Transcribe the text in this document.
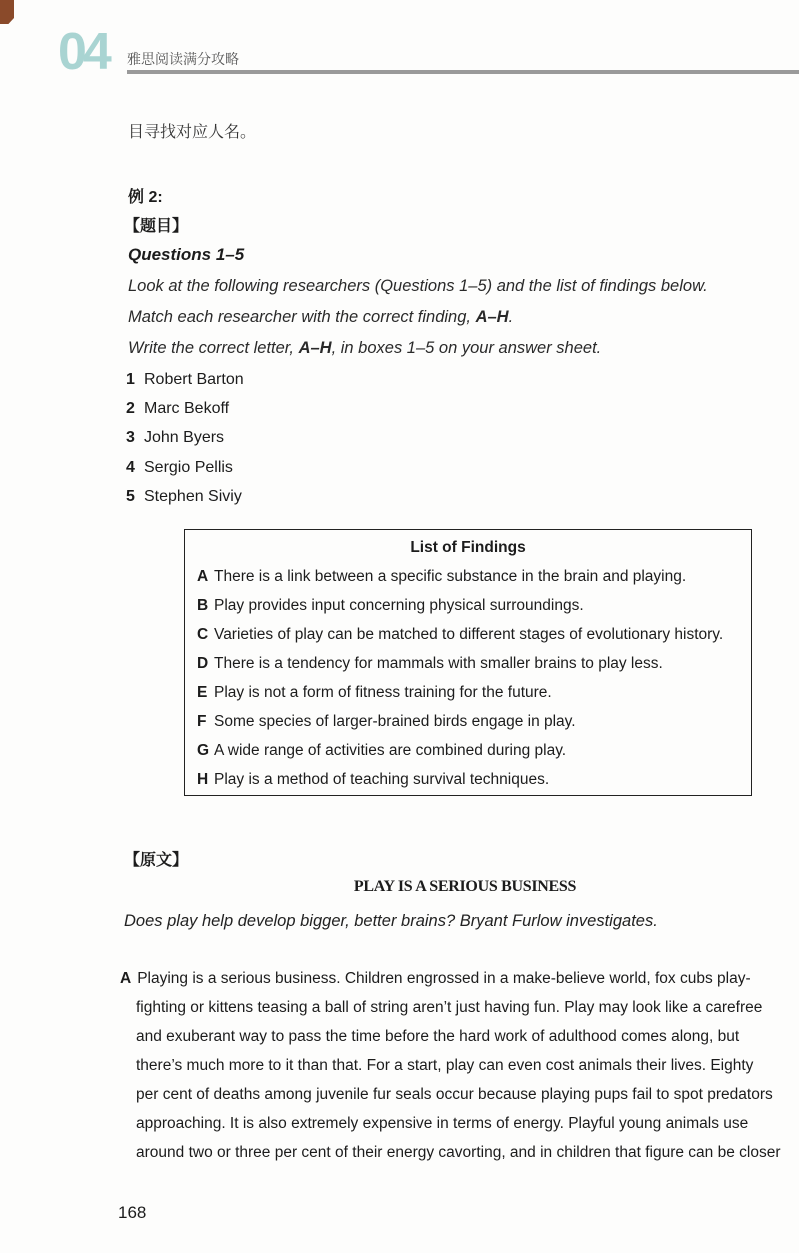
04 雅思阅读满分攻略
目寻找对应人名。
例 2:
【题目】
Questions 1–5
Look at the following researchers (Questions 1–5) and the list of findings below.
Match each researcher with the correct finding, A–H.
Write the correct letter, A–H, in boxes 1–5 on your answer sheet.
1 Robert Barton
2 Marc Bekoff
3 John Byers
4 Sergio Pellis
5 Stephen Siviy
List of Findings
A There is a link between a specific substance in the brain and playing.
B Play provides input concerning physical surroundings.
C Varieties of play can be matched to different stages of evolutionary history.
D There is a tendency for mammals with smaller brains to play less.
E Play is not a form of fitness training for the future.
F Some species of larger-brained birds engage in play.
G A wide range of activities are combined during play.
H Play is a method of teaching survival techniques.
【原文】
PLAY IS A SERIOUS BUSINESS
Does play help develop bigger, better brains? Bryant Furlow investigates.
A Playing is a serious business. Children engrossed in a make-believe world, fox cubs play-
fighting or kittens teasing a ball of string aren’t just having fun. Play may look like a carefree
and exuberant way to pass the time before the hard work of adulthood comes along, but
there’s much more to it than that. For a start, play can even cost animals their lives. Eighty
per cent of deaths among juvenile fur seals occur because playing pups fail to spot predators
approaching. It is also extremely expensive in terms of energy. Playful young animals use
around two or three per cent of their energy cavorting, and in children that figure can be closer
168
